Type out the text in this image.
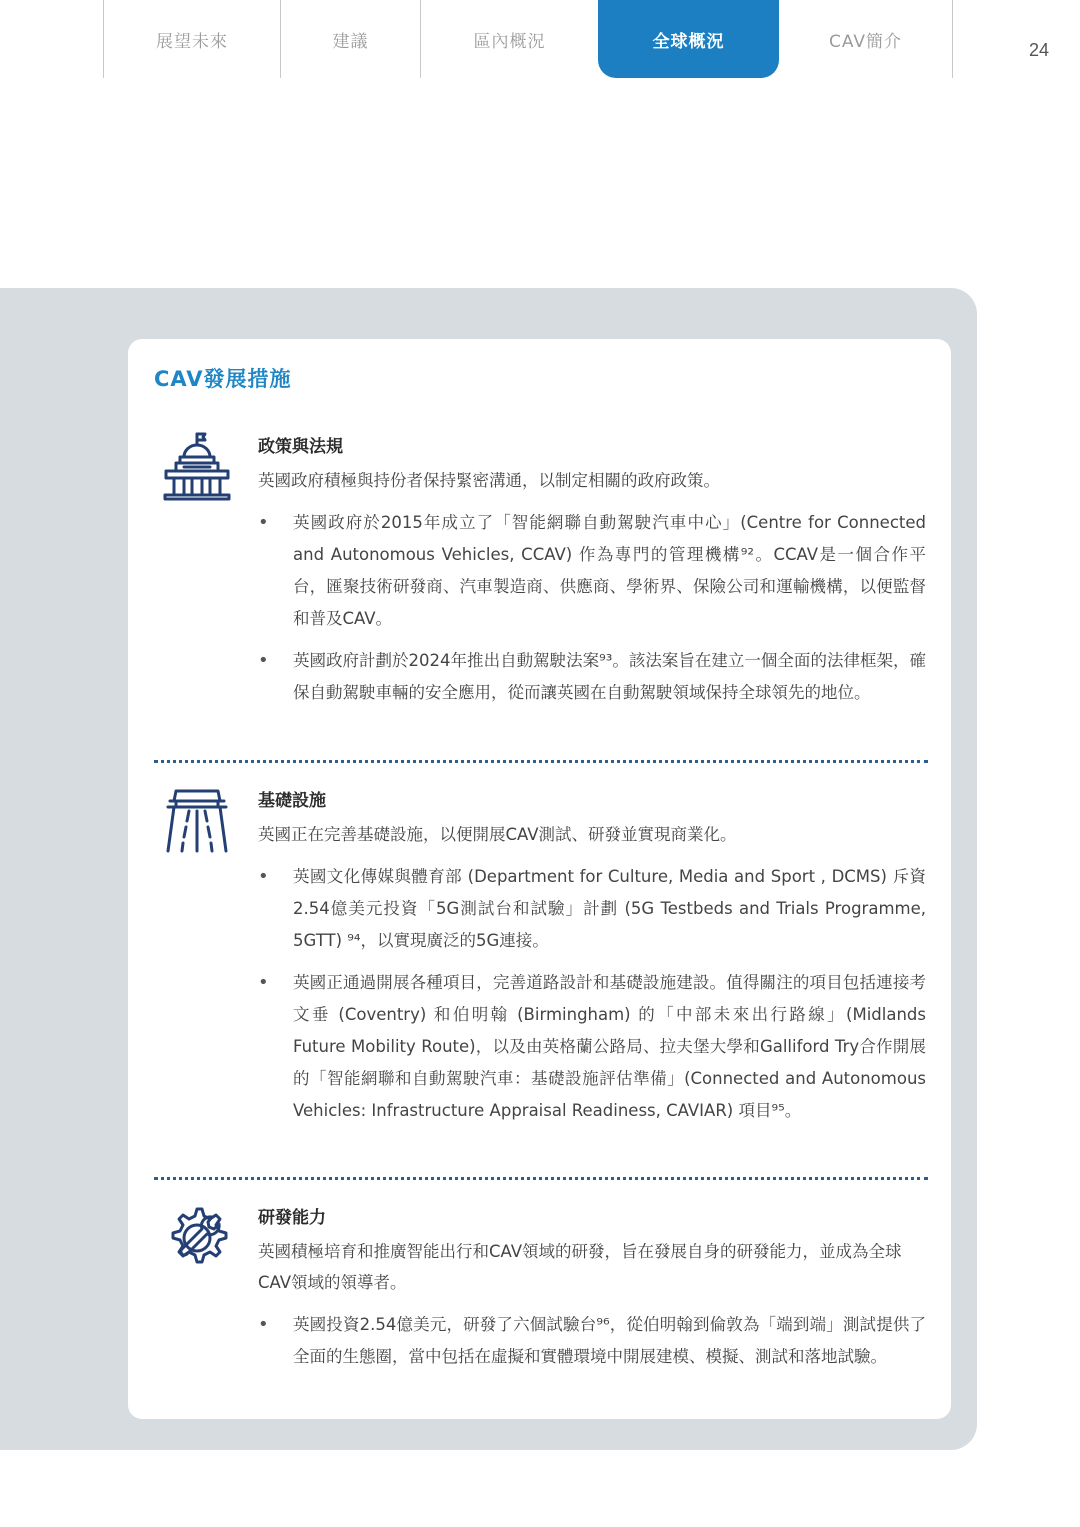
展望未來	建議	區內概況	全球概況	CAV簡介	24
CAV發展措施
政策與法規
英國政府積極與持份者保持緊密溝通，以制定相關的政府政策。
• 英國政府於2015年成立了「智能網聯自動駕駛汽車中心」(Centre for Connected and Autonomous Vehicles, CCAV) 作為專門的管理機構⁹²。CCAV是一個合作平台，匯聚技術研發商、汽車製造商、供應商、學術界、保險公司和運輸機構，以便監督和普及CAV。
• 英國政府計劃於2024年推出自動駕駛法案⁹³。該法案旨在建立一個全面的法律框架，確保自動駕駛車輛的安全應用，從而讓英國在自動駕駛領域保持全球領先的地位。
基礎設施
英國正在完善基礎設施，以便開展CAV測試、研發並實現商業化。
• 英國文化傳媒與體育部 (Department for Culture, Media and Sport , DCMS) 斥資2.54億美元投資「5G測試台和試驗」計劃 (5G Testbeds and Trials Programme, 5GTT) ⁹⁴，以實現廣泛的5G連接。
• 英國正通過開展各種項目，完善道路設計和基礎設施建設。值得關注的項目包括連接考文垂 (Coventry) 和伯明翰 (Birmingham) 的「中部未來出行路線」(Midlands Future Mobility Route)，以及由英格蘭公路局、拉夫堡大學和Galliford Try合作開展的「智能網聯和自動駕駛汽車：基礎設施評估準備」(Connected and Autonomous Vehicles: Infrastructure Appraisal Readiness, CAVIAR) 項目⁹⁵。
研發能力
英國積極培育和推廣智能出行和CAV領域的研發，旨在發展自身的研發能力，並成為全球CAV領域的領導者。
• 英國投資2.54億美元，研發了六個試驗台⁹⁶，從伯明翰到倫敦為「端到端」測試提供了全面的生態圈，當中包括在虛擬和實體環境中開展建模、模擬、測試和落地試驗。
